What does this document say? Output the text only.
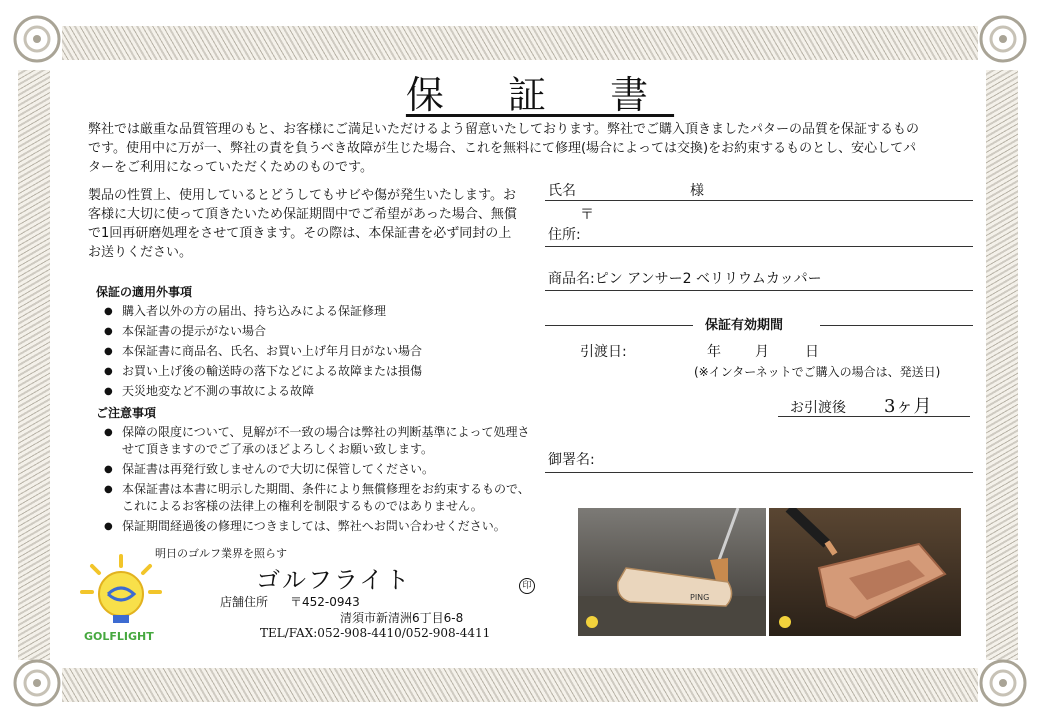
保 証 書
弊社では厳重な品質管理のもと、お客様にご満足いただけるよう留意いたしております。弊社でご購入頂きましたパターの品質を保証するものです。使用中に万が一、弊社の責を負うべき故障が生じた場合、これを無料にて修理(場合によっては交換)をお約束するものとし、安心してパターをご利用になっていただくためのものです。
製品の性質上、使用しているとどうしてもサビや傷が発生いたします。お客様に大切に使って頂きたいため保証期間中でご希望があった場合、無償で1回再研磨処理をさせて頂きます。その際は、本保証書を必ず同封の上お送りください。
保証の適用外事項
● 購入者以外の方の届出、持ち込みによる保証修理
● 本保証書の提示がない場合
● 本保証書に商品名、氏名、お買い上げ年月日がない場合
● お買い上げ後の輸送時の落下などによる故障または損傷
● 天災地変など不測の事故による故障
ご注意事項
● 保障の限度について、見解が不一致の場合は弊社の判断基準によって処理させて頂きますのでご了承のほどよろしくお願い致します。
● 保証書は再発行致しませんので大切に保管してください。
● 本保証書は本書に明示した期間、条件により無償修理をお約束するもので、これによるお客様の法律上の権利を制限するものではありません。
● 保証期間経過後の修理につきましては、弊社へお問い合わせください。
氏名	様
〒
住所:
商品名:ピン アンサー2 ベリリウムカッパー
保証有効期間
引渡日:	年 月	日
(※インターネットでご購入の場合は、発送日)
お引渡後 3ヶ月
御署名:
PING
明日のゴルフ業界を照らす
GOLFLIGHT
ゴルフライト	印
店舗住所 〒452-0943
清須市新清洲6丁目6-8
TEL/FAX:052-908-4410/052-908-4411
